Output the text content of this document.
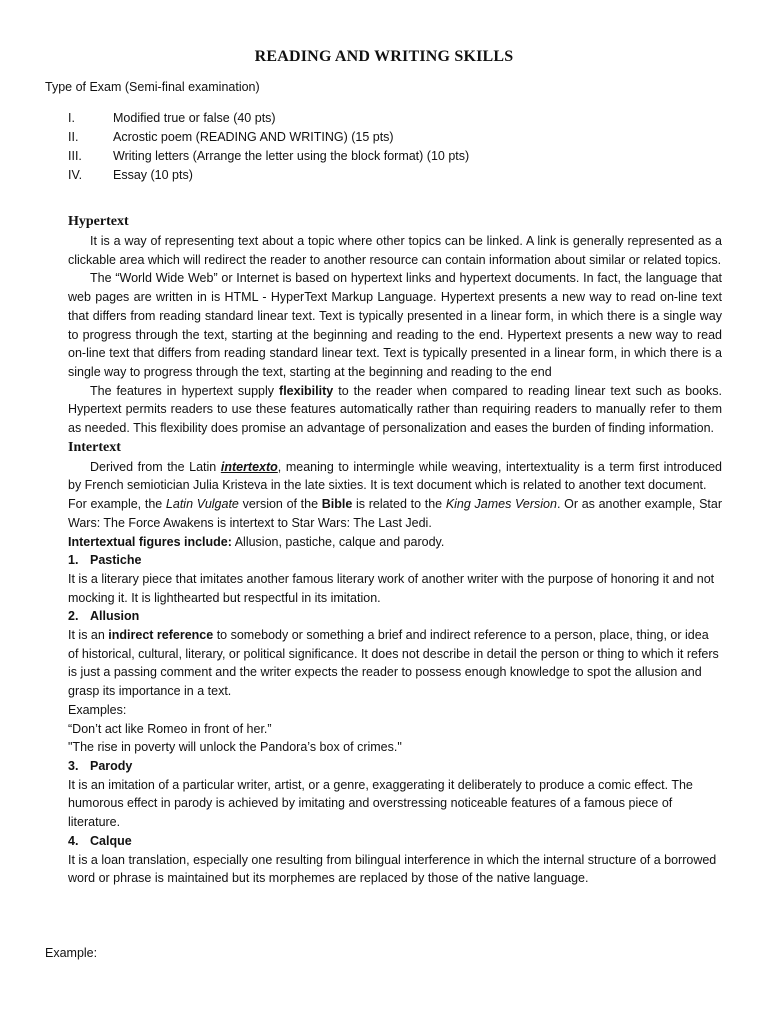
READING AND WRITING SKILLS
Type of Exam (Semi-final examination)
I.	Modified true or false (40 pts)
II.	Acrostic poem (READING AND WRITING) (15 pts)
III. Writing letters (Arrange the letter using the block format) (10 pts)
IV. Essay (10 pts)
Hypertext

It is a way of representing text about a topic where other topics can be linked. A link is generally represented as a clickable area which will redirect the reader to another resource can contain information about similar or related topics.

The “World Wide Web” or Internet is based on hypertext links and hypertext documents. In fact, the language that web pages are written in is HTML - HyperText Markup Language. Hypertext presents a new way to read on-line text that differs from reading standard linear text. Text is typically presented in a linear form, in which there is a single way to progress through the text, starting at the beginning and reading to the end. Hypertext presents a new way to read on-line text that differs from reading standard linear text. Text is typically presented in a linear form, in which there is a single way to progress through the text, starting at the beginning and reading to the end

The features in hypertext supply flexibility to the reader when compared to reading linear text such as books. Hypertext permits readers to use these features automatically rather than requiring readers to manually refer to them as needed. This flexibility does promise an advantage of personalization and eases the burden of finding information.

Intertext

Derived from the Latin intertexto, meaning to intermingle while weaving, intertextuality is a term first introduced by French semiotician Julia Kristeva in the late sixties. It is text document which is related to another text document.

For example, the Latin Vulgate version of the Bible is related to the King James Version. Or as another example, Star Wars: The Force Awakens is intertext to Star Wars: The Last Jedi.

Intertextual figures include: Allusion, pastiche, calque and parody.

1. Pastiche

It is a literary piece that imitates another famous literary work of another writer with the purpose of honoring it and not mocking it. It is lighthearted but respectful in its imitation.

2. Allusion

It is an indirect reference to somebody or something a brief and indirect reference to a person, place, thing, or idea of historical, cultural, literary, or political significance. It does not describe in detail the person or thing to which it refers is just a passing comment and the writer expects the reader to possess enough knowledge to spot the allusion and grasp its importance in a text.

Examples:

“Don’t act like Romeo in front of her.”

"The rise in poverty will unlock the Pandora’s box of crimes."

3. Parody

It is an imitation of a particular writer, artist, or a genre, exaggerating it deliberately to produce a comic effect. The humorous effect in parody is achieved by imitating and overstressing noticeable features of a famous piece of literature.

4. Calque

It is a loan translation, especially one resulting from bilingual interference in which the internal structure of a borrowed word or phrase is maintained but its morphemes are replaced by those of the native language.

Example:
